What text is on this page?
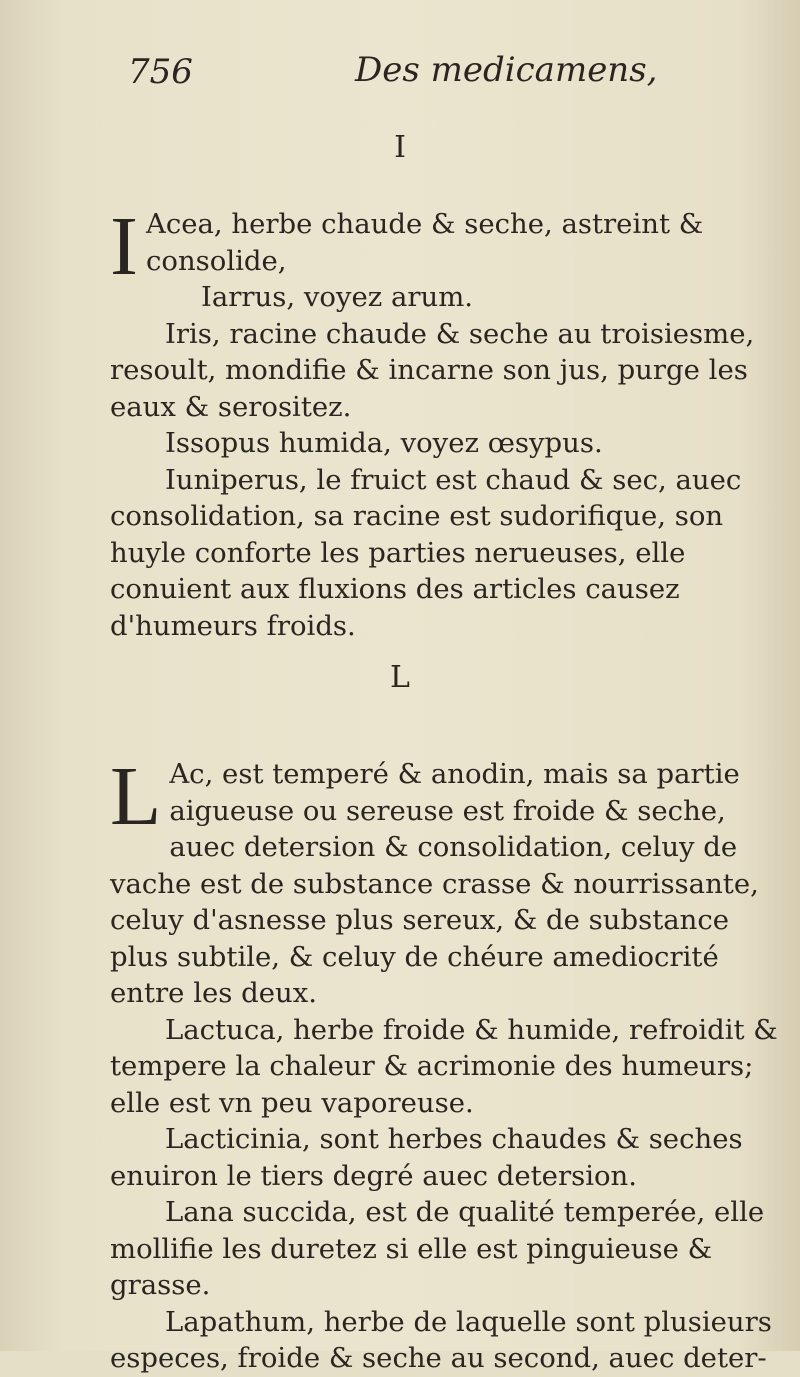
756	Des medicamens,
I

I Acea, herbe chaude & seche, astreint & consolide,

Iarrus, voyez arum.

Iris, racine chaude & seche au troisiesme, resoult, mondifie & incarne son jus, purge les eaux & serositez.

Issopus humida, voyez œsypus.

Iuniperus, le fruict est chaud & sec, auec consolidation, sa racine est sudorifique, son huyle conforte les parties nerueuses, elle conuient aux fluxions des articles causez d'humeurs froids.

L

L Ac, est temperé & anodin, mais sa partie aigueuse ou sereuse est froide & seche, auec detersion & consolidation, celuy de vache est de substance crasse & nourrissante, celuy d'asnesse plus sereux, & de substance plus subtile, & celuy de chéure amediocrité entre les deux.

Lactuca, herbe froide & humide, refroidit & tempere la chaleur & acrimonie des humeurs; elle est vn peu vaporeuse.

Lacticinia, sont herbes chaudes & seches enuiron le tiers degré auec detersion.

Lana succida, est de qualité temperée, elle mollifie les duretez si elle est pinguieuse & grasse.

Lapathum, herbe de laquelle sont plusieurs especes, froide & seche au second, auec deter-
